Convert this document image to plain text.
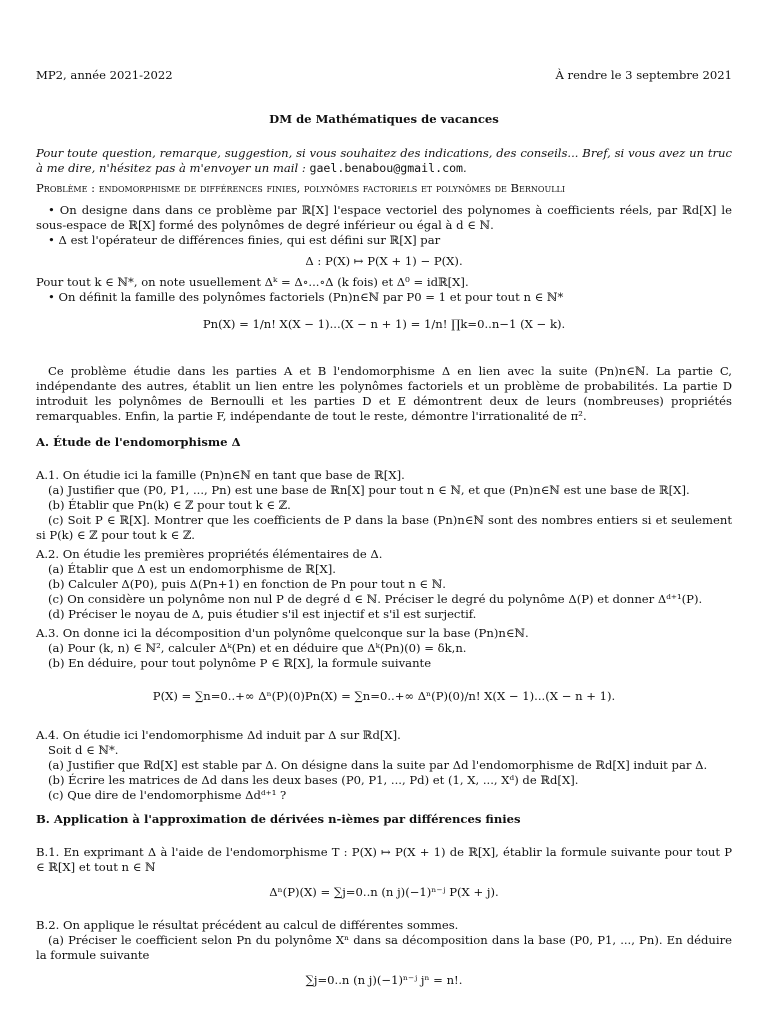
MP2, année 2021-2022	À rendre le 3 septembre 2021
DM de Mathématiques de vacances
Pour toute question, remarque, suggestion, si vous souhaitez des indications, des conseils... Bref, si vous avez un truc à me dire, n'hésitez pas à m'envoyer un mail : gael.benabou@gmail.com.
Problème : endomorphisme de différences finies, polynômes factoriels et polynômes de Bernoulli

• On designe dans dans ce problème par ℝ[X] l'espace vectoriel des polynomes à coefficients réels, par ℝd[X] le sous-espace de ℝ[X] formé des polynômes de degré inférieur ou égal à d ∈ ℕ.

• Δ est l'opérateur de différences finies, qui est défini sur ℝ[X] par

Δ : P(X) ↦ P(X + 1) − P(X).

Pour tout k ∈ ℕ*, on note usuellement Δᵏ = Δ∘...∘Δ (k fois) et Δ⁰ = idℝ[X].

• On définit la famille des polynômes factoriels (Pn)n∈ℕ par P0 = 1 et pour tout n ∈ ℕ*

Pn(X) = 1/n! X(X − 1)...(X − n + 1) = 1/n! ∏k=0..n−1 (X − k).

Ce problème étudie dans les parties A et B l'endomorphisme Δ en lien avec la suite (Pn)n∈ℕ. La partie C, indépendante des autres, établit un lien entre les polynômes factoriels et un problème de probabilités. La partie D introduit les polynômes de Bernoulli et les parties D et E démontrent deux de leurs (nombreuses) propriétés remarquables. Enfin, la partie F, indépendante de tout le reste, démontre l'irrationalité de π².

A. Étude de l'endomorphisme Δ

A.1. On étudie ici la famille (Pn)n∈ℕ en tant que base de ℝ[X].

(a) Justifier que (P0, P1, ..., Pn) est une base de ℝn[X] pour tout n ∈ ℕ, et que (Pn)n∈ℕ est une base de ℝ[X].

(b) Établir que Pn(k) ∈ ℤ pour tout k ∈ ℤ.

(c) Soit P ∈ ℝ[X]. Montrer que les coefficients de P dans la base (Pn)n∈ℕ sont des nombres entiers si et seulement si P(k) ∈ ℤ pour tout k ∈ ℤ.

A.2. On étudie les premières propriétés élémentaires de Δ.

(a) Établir que Δ est un endomorphisme de ℝ[X].

(b) Calculer Δ(P0), puis Δ(Pn+1) en fonction de Pn pour tout n ∈ ℕ.

(c) On considère un polynôme non nul P de degré d ∈ ℕ. Préciser le degré du polynôme Δ(P) et donner Δᵈ⁺¹(P).

(d) Préciser le noyau de Δ, puis étudier s'il est injectif et s'il est surjectif.

A.3. On donne ici la décomposition d'un polynôme quelconque sur la base (Pn)n∈ℕ.

(a) Pour (k, n) ∈ ℕ², calculer Δᵏ(Pn) et en déduire que Δᵏ(Pn)(0) = δk,n.

(b) En déduire, pour tout polynôme P ∈ ℝ[X], la formule suivante

P(X) = ∑n=0..+∞ Δⁿ(P)(0)Pn(X) = ∑n=0..+∞ Δⁿ(P)(0)/n! X(X − 1)...(X − n + 1).

A.4. On étudie ici l'endomorphisme Δd induit par Δ sur ℝd[X].

Soit d ∈ ℕ*.

(a) Justifier que ℝd[X] est stable par Δ. On désigne dans la suite par Δd l'endomorphisme de ℝd[X] induit par Δ.

(b) Écrire les matrices de Δd dans les deux bases (P0, P1, ..., Pd) et (1, X, ..., Xᵈ) de ℝd[X].

(c) Que dire de l'endomorphisme Δdᵈ⁺¹ ?

B. Application à l'approximation de dérivées n-ièmes par différences finies

B.1. En exprimant Δ à l'aide de l'endomorphisme T : P(X) ↦ P(X + 1) de ℝ[X], établir la formule suivante pour tout P ∈ ℝ[X] et tout n ∈ ℕ

Δⁿ(P)(X) = ∑j=0..n (n j)(−1)ⁿ⁻ʲ P(X + j).

B.2. On applique le résultat précédent au calcul de différentes sommes.

(a) Préciser le coefficient selon Pn du polynôme Xⁿ dans sa décomposition dans la base (P0, P1, ..., Pn). En déduire la formule suivante

∑j=0..n (n j)(−1)ⁿ⁻ʲ jⁿ = n!.
